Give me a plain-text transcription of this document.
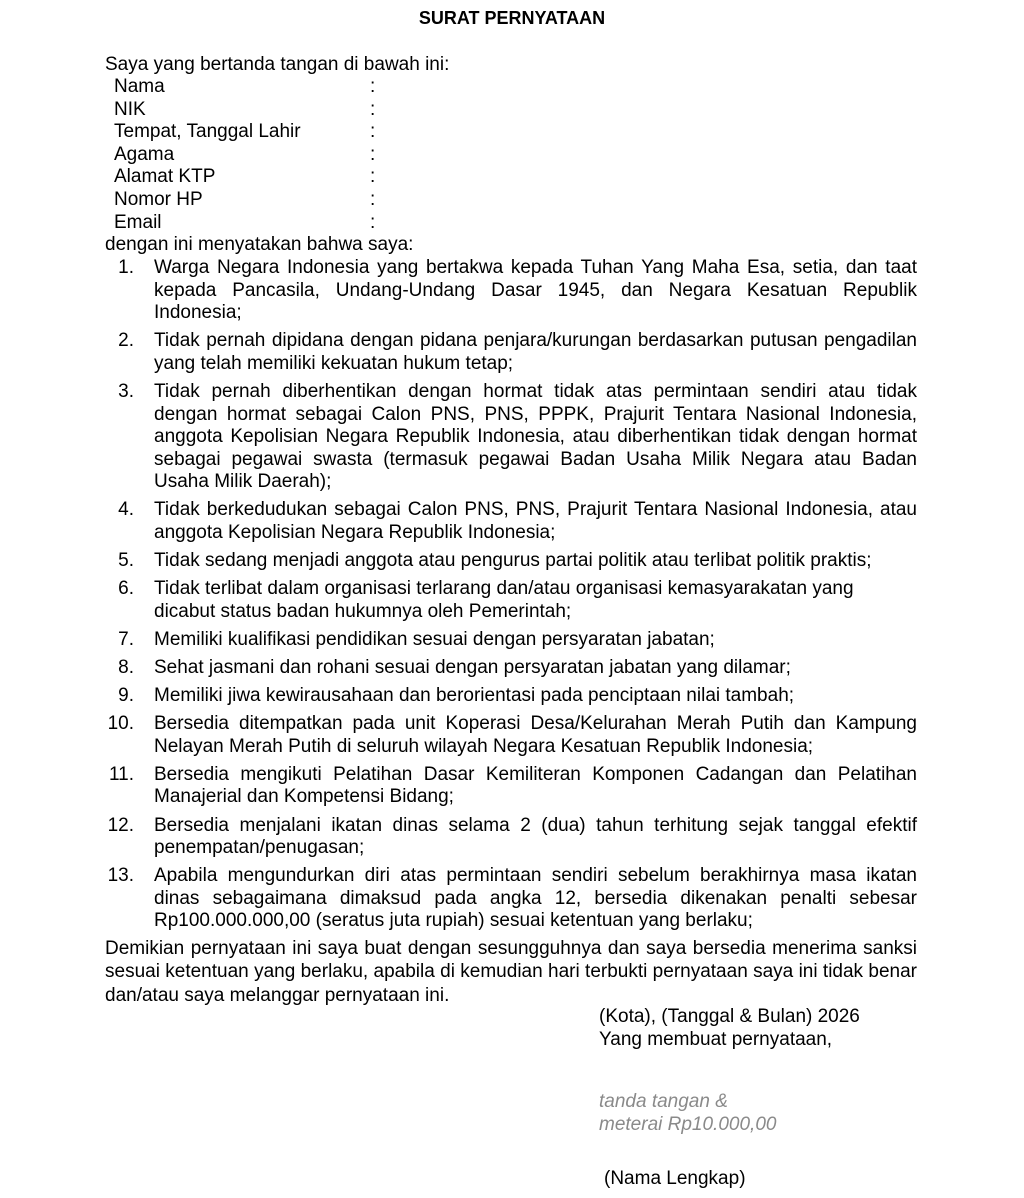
SURAT PERNYATAAN
Saya yang bertanda tangan di bawah ini:
Nama	:
NIK	:
Tempat, Tanggal Lahir	:
Agama	:
Alamat KTP	:
Nomor HP	:
Email	:
dengan ini menyatakan bahwa saya:
1. Warga Negara Indonesia yang bertakwa kepada Tuhan Yang Maha Esa, setia, dan taat kepada Pancasila, Undang-Undang Dasar 1945, dan Negara Kesatuan Republik Indonesia;
2. Tidak pernah dipidana dengan pidana penjara/kurungan berdasarkan putusan pengadilan yang telah memiliki kekuatan hukum tetap;
3. Tidak pernah diberhentikan dengan hormat tidak atas permintaan sendiri atau tidak dengan hormat sebagai Calon PNS, PNS, PPPK, Prajurit Tentara Nasional Indonesia, anggota Kepolisian Negara Republik Indonesia, atau diberhentikan tidak dengan hormat sebagai pegawai swasta (termasuk pegawai Badan Usaha Milik Negara atau Badan Usaha Milik Daerah);
4. Tidak berkedudukan sebagai Calon PNS, PNS, Prajurit Tentara Nasional Indonesia, atau anggota Kepolisian Negara Republik Indonesia;
5. Tidak sedang menjadi anggota atau pengurus partai politik atau terlibat politik praktis;
6. Tidak terlibat dalam organisasi terlarang dan/atau organisasi kemasyarakatan yang dicabut status badan hukumnya oleh Pemerintah;
7. Memiliki kualifikasi pendidikan sesuai dengan persyaratan jabatan;
8. Sehat jasmani dan rohani sesuai dengan persyaratan jabatan yang dilamar;
9. Memiliki jiwa kewirausahaan dan berorientasi pada penciptaan nilai tambah;
10. Bersedia ditempatkan pada unit Koperasi Desa/Kelurahan Merah Putih dan Kampung Nelayan Merah Putih di seluruh wilayah Negara Kesatuan Republik Indonesia;
11. Bersedia mengikuti Pelatihan Dasar Kemiliteran Komponen Cadangan dan Pelatihan Manajerial dan Kompetensi Bidang;
12. Bersedia menjalani ikatan dinas selama 2 (dua) tahun terhitung sejak tanggal efektif penempatan/penugasan;
13. Apabila mengundurkan diri atas permintaan sendiri sebelum berakhirnya masa ikatan dinas sebagaimana dimaksud pada angka 12, bersedia dikenakan penalti sebesar Rp100.000.000,00 (seratus juta rupiah) sesuai ketentuan yang berlaku;
Demikian pernyataan ini saya buat dengan sesungguhnya dan saya bersedia menerima sanksi sesuai ketentuan yang berlaku, apabila di kemudian hari terbukti pernyataan saya ini tidak benar dan/atau saya melanggar pernyataan ini.
(Kota), (Tanggal & Bulan) 2026
Yang membuat pernyataan,
tanda tangan &
meterai Rp10.000,00
(Nama Lengkap)
